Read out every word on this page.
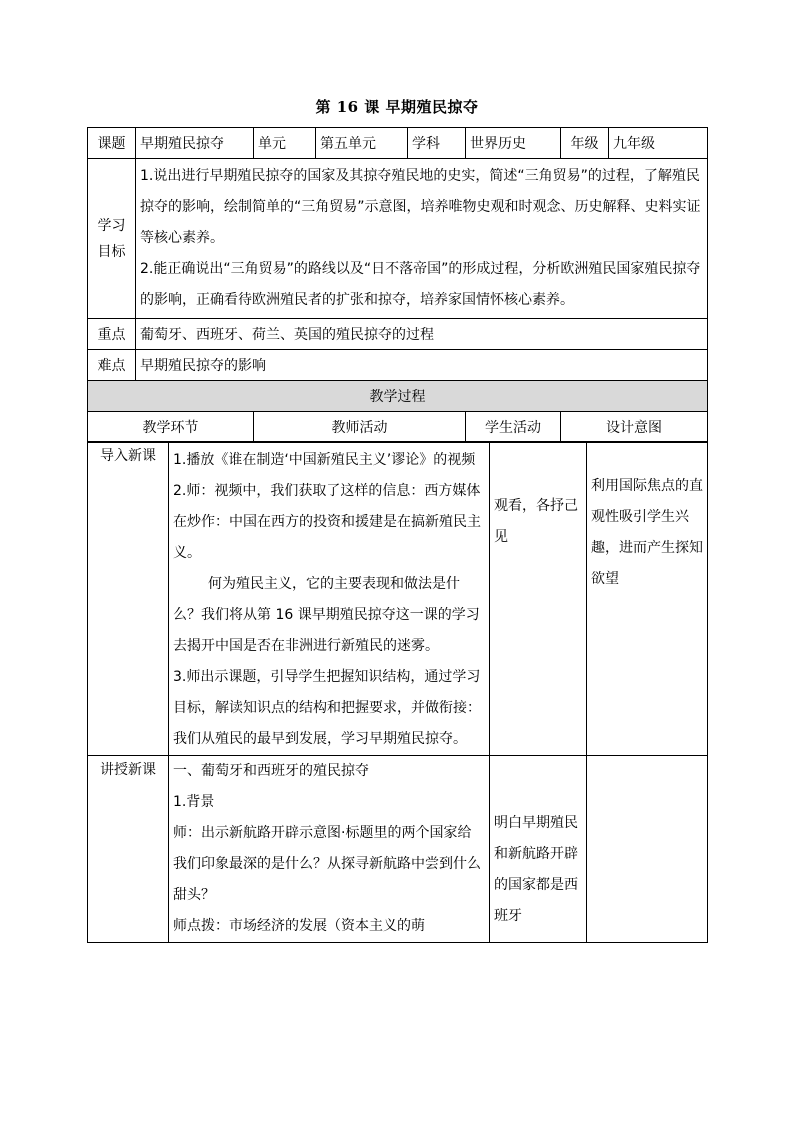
第 16 课 早期殖民掠夺
课题	早期殖民掠夺	单元	第五单元	学科	世界历史	年级	九年级
学习目标	1.说出进行早期殖民掠夺的国家及其掠夺殖民地的史实，简述“三角贸易”的过程，了解殖民掠夺的影响，绘制简单的“三角贸易”示意图，培养唯物史观和时观念、历史解释、史料实证等核心素养。
2.能正确说出“三角贸易”的路线以及“日不落帝国”的形成过程，分析欧洲殖民国家殖民掠夺的影响，正确看待欧洲殖民者的扩张和掠夺，培养家国情怀核心素养。						

重点	葡萄牙、西班牙、荷兰、英国的殖民掠夺的过程						
难点	早期殖民掠夺的影响						
教学过程							
教学环节		教师活动			学生活动	设计意图	
导入新课	1.播放《谁在制造‘中国新殖民主义’谬论》的视频

2.师：视频中，我们获取了这样的信息：西方媒体在炒作：中国在西方的投资和援建是在搞新殖民主义。

何为殖民主义，它的主要表现和做法是什么？我们将从第 16 课早期殖民掠夺这一课的学习去揭开中国是否在非洲进行新殖民的迷雾。

3.师出示课题，引导学生把握知识结构，通过学习目标，解读知识点的结构和把握要求，并做衔接：我们从殖民的最早到发展，学习早期殖民掠夺。	观看，各抒己见	利用国际焦点的直观性吸引学生兴趣，进而产生探知欲望
讲授新课	一、葡萄牙和西班牙的殖民掠夺

1.背景

师：出示新航路开辟示意图·标题里的两个国家给我们印象最深的是什么？从探寻新航路中尝到什么甜头？

师点拨：市场经济的发展（资本主义的萌	明白早期殖民和新航路开辟的国家都是西班牙	
